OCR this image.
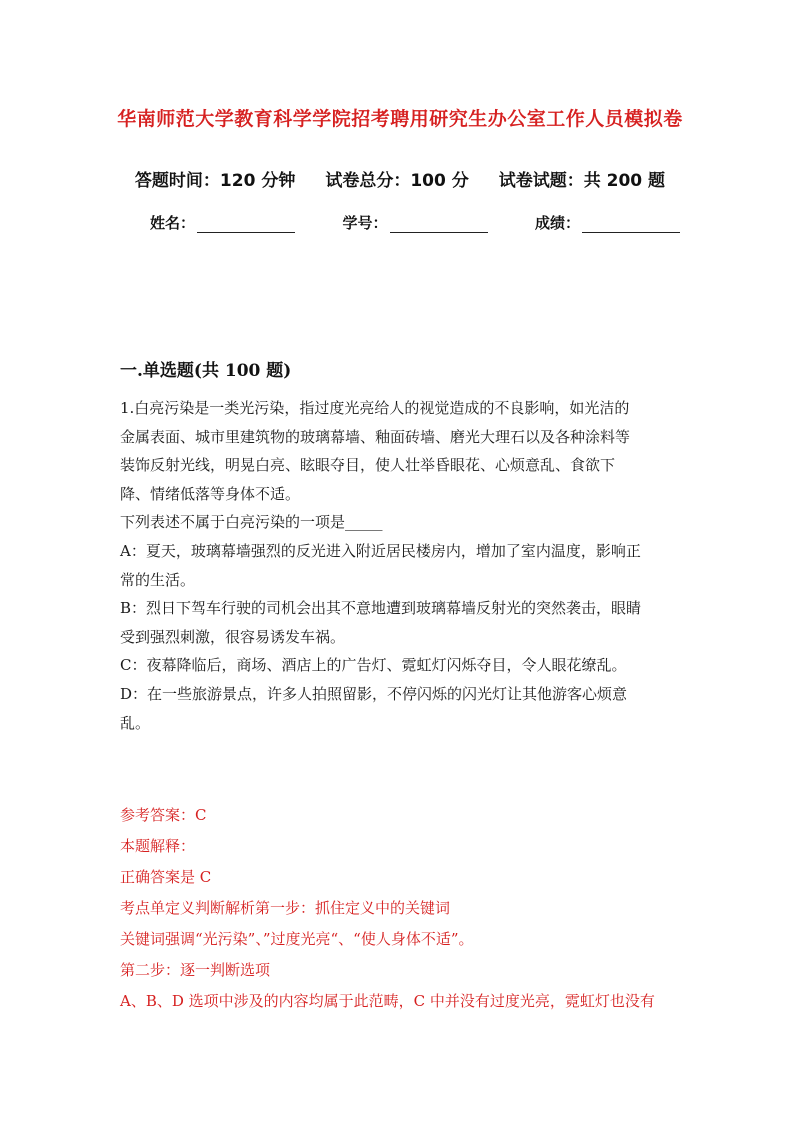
华南师范大学教育科学学院招考聘用研究生办公室工作人员模拟卷
答题时间：120 分钟 试卷总分：100 分 试卷试题：共 200 题
姓名：	学号：	成绩：
一.单选题(共 100 题)

1.白亮污染是一类光污染，指过度光亮给人的视觉造成的不良影响，如光洁的

金属表面、城市里建筑物的玻璃幕墙、釉面砖墙、磨光大理石以及各种涂料等

装饰反射光线，明晃白亮、眩眼夺目，使人壮举昏眼花、心烦意乱、食欲下

降、情绪低落等身体不适。

下列表述不属于白亮污染的一项是_____

A：夏天，玻璃幕墙强烈的反光进入附近居民楼房内，增加了室内温度，影响正

常的生活。

B：烈日下驾车行驶的司机会出其不意地遭到玻璃幕墙反射光的突然袭击，眼睛

受到强烈刺激，很容易诱发车祸。

C：夜幕降临后，商场、酒店上的广告灯、霓虹灯闪烁夺目，令人眼花缭乱。

D：在一些旅游景点，许多人拍照留影，不停闪烁的闪光灯让其他游客心烦意

乱。

参考答案：C

本题解释：

正确答案是 C

考点单定义判断解析第一步：抓住定义中的关键词

关键词强调“光污染”、”过度光亮“、“使人身体不适”。

第二步：逐一判断选项

A、B、D 选项中涉及的内容均属于此范畴，C 中并没有过度光亮，霓虹灯也没有
